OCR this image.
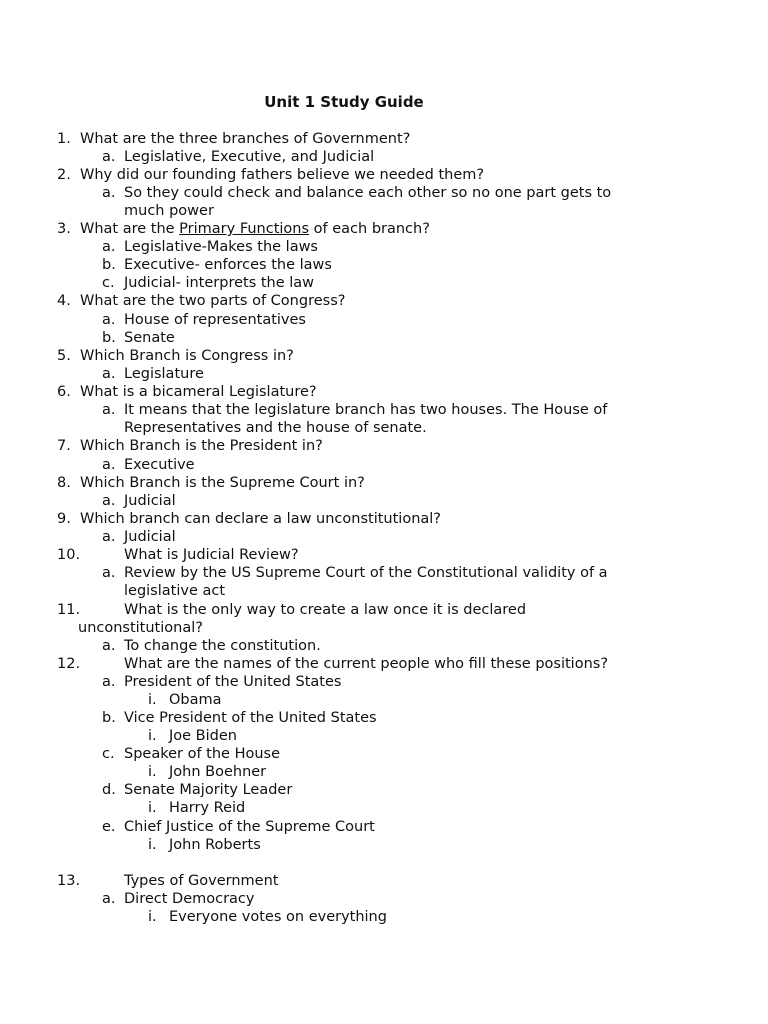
Unit 1 Study Guide
1. What are the three branches of Government?
a. Legislative, Executive, and Judicial
2. Why did our founding fathers believe we needed them?
a. So they could check and balance each other so no one part gets to
much power
3. What are the Primary Functions of each branch?
a. Legislative-Makes the laws
b. Executive- enforces the laws
c. Judicial- interprets the law
4. What are the two parts of Congress?
a. House of representatives
b. Senate
5. Which Branch is Congress in?
a. Legislature
6. What is a bicameral Legislature?
a. It means that the legislature branch has two houses. The House of
Representatives and the house of senate.
7. Which Branch is the President in?
a. Executive
8. Which Branch is the Supreme Court in?
a. Judicial
9. Which branch can declare a law unconstitutional?
a. Judicial
10.	What is Judicial Review?
a. Review by the US Supreme Court of the Constitutional validity of a
legislative act
11.	What is the only way to create a law once it is declared
unconstitutional?
a. To change the constitution.
12.	What are the names of the current people who fill these positions?
a. President of the United States
i. Obama
b. Vice President of the United States
i. Joe Biden
c. Speaker of the House
i. John Boehner
d. Senate Majority Leader
i. Harry Reid
e. Chief Justice of the Supreme Court
i. John Roberts
13.	Types of Government
a. Direct Democracy
i. Everyone votes on everything
